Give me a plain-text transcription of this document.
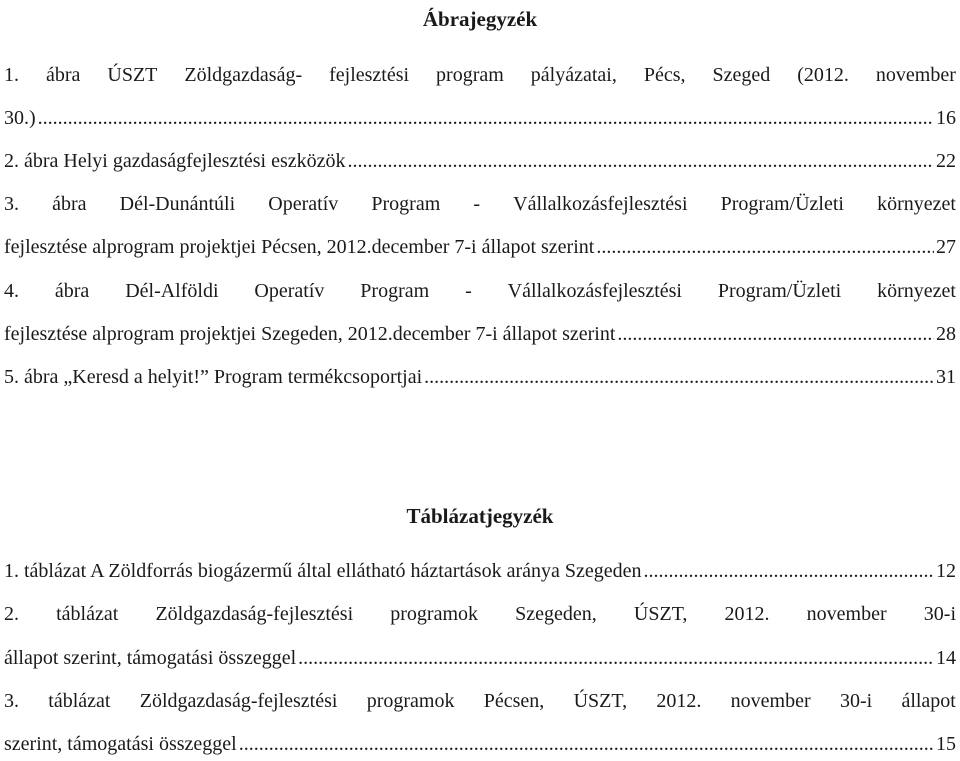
Ábrajegyzék
1. ábra ÚSZT Zöldgazdaság- fejlesztési program pályázatai, Pécs, Szeged (2012. november
30.) .....	16
2. ábra Helyi gazdaságfejlesztési eszközök .....	22
3. ábra Dél-Dunántúli Operatív Program - Vállalkozásfejlesztési Program/Üzleti környezet
fejlesztése alprogram projektjei Pécsen, 2012.december 7-i állapot szerint .....	27
4. ábra Dél-Alföldi Operatív Program - Vállalkozásfejlesztési Program/Üzleti környezet
fejlesztése alprogram projektjei Szegeden, 2012.december 7-i állapot szerint .....	28
5. ábra „Keresd a helyit!” Program termékcsoportjai .....	31
Táblázatjegyzék
1. táblázat A Zöldforrás biogázermű által ellátható háztartások aránya Szegeden .....	12
2. táblázat Zöldgazdaság-fejlesztési programok Szegeden, ÚSZT, 2012. november 30-i
állapot szerint, támogatási összeggel .....	14
3. táblázat Zöldgazdaság-fejlesztési programok Pécsen, ÚSZT, 2012. november 30-i állapot
szerint, támogatási összeggel .....	15
